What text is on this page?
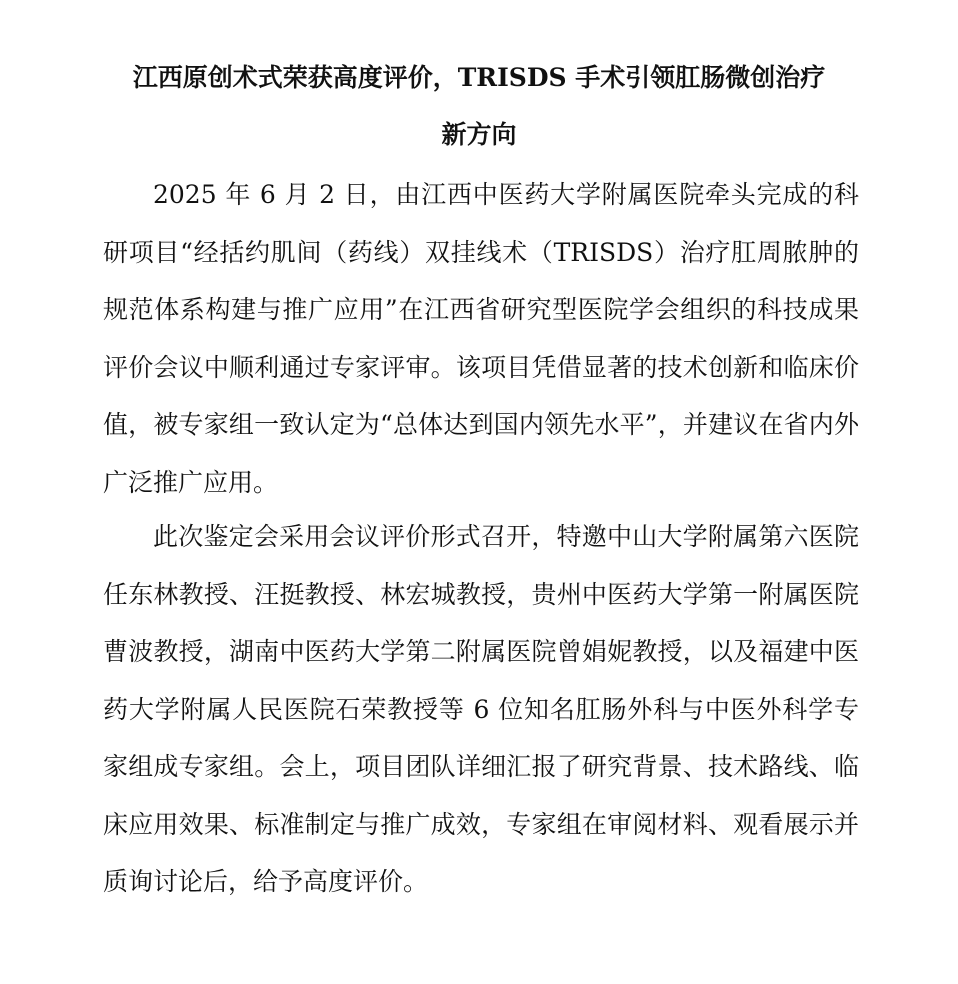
江西原创术式荣获高度评价，TRISDS 手术引领肛肠微创治疗
新方向

2025 年 6 月 2 日，由江西中医药大学附属医院牵头完成的科研项目“经括约肌间（药线）双挂线术（TRISDS）治疗肛周脓肿的规范体系构建与推广应用”在江西省研究型医院学会组织的科技成果评价会议中顺利通过专家评审。该项目凭借显著的技术创新和临床价值，被专家组一致认定为“总体达到国内领先水平”，并建议在省内外广泛推广应用。

此次鉴定会采用会议评价形式召开，特邀中山大学附属第六医院任东林教授、汪挺教授、林宏城教授，贵州中医药大学第一附属医院曹波教授，湖南中医药大学第二附属医院曾娟妮教授，以及福建中医药大学附属人民医院石荣教授等 6 位知名肛肠外科与中医外科学专家组成专家组。会上，项目团队详细汇报了研究背景、技术路线、临床应用效果、标准制定与推广成效，专家组在审阅材料、观看展示并质询讨论后，给予高度评价。
